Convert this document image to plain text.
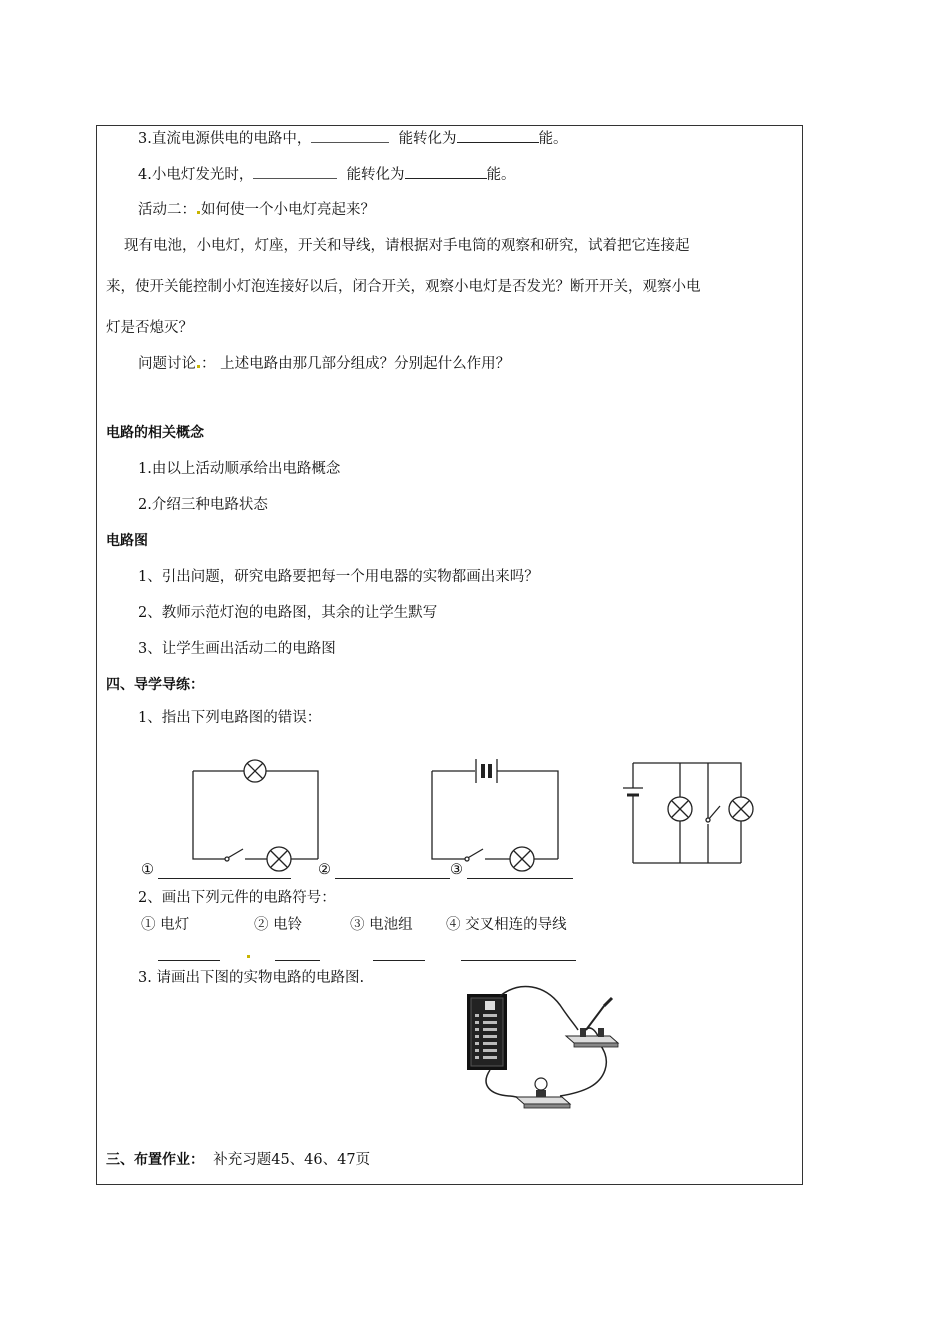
3.直流电源供电的电路中，	能转化为	能。
4.小电灯发光时，	能转化为	能。
活动二： 如何使一个小电灯亮起来？
现有电池，小电灯，灯座，开关和导线，请根据对手电筒的观察和研究，试着把它连接起
来，使开关能控制小灯泡连接好以后，闭合开关，观察小电灯是否发光？断开开关，观察小电
灯是否熄灭？
问题讨论 ： 上述电路由那几部分组成？分别起什么作用？
电路的相关概念
1.由以上活动顺承给出电路概念
2.介绍三种电路状态
电路图
1、引出问题，研究电路要把每一个用电器的实物都画出来吗？
2、教师示范灯泡的电路图，其余的让学生默写
3、让学生画出活动二的电路图
四、导学导练：
1、指出下列电路图的错误：
①	②	③
2、画出下列元件的电路符号：
① 电灯	② 电铃	③ 电池组 ④ 交叉相连的导线
3. 请画出下图的实物电路的电路图.
三、布置作业： 补充习题45、46、47页
